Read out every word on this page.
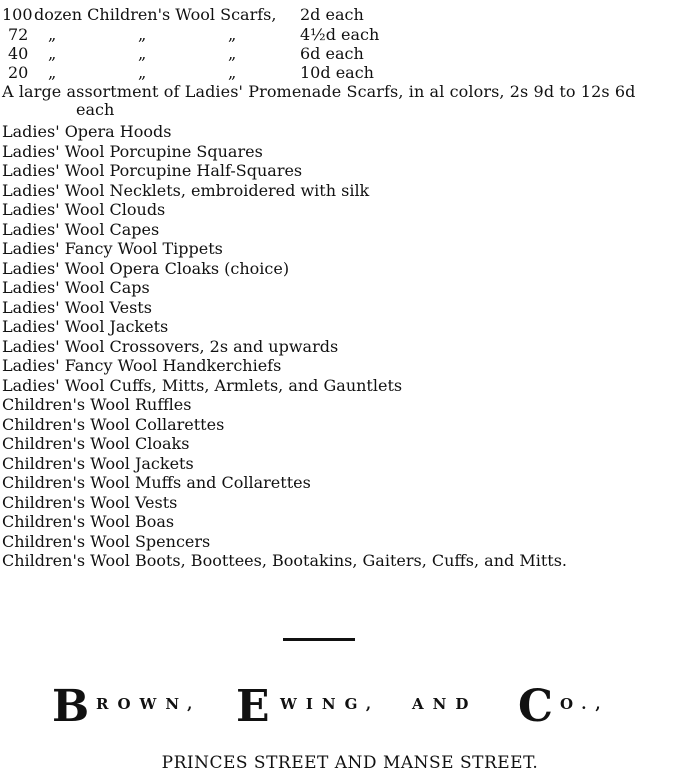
100 dozen Children's Wool Scarfs, 2d each
72 „	„	„	4½d each
40 „	„	„	6d each
20 „	„	„	10d each
A large assortment of Ladies' Promenade Scarfs, in al colors, 2s 9d to 12s 6d
each
Ladies' Opera Hoods
Ladies' Wool Porcupine Squares
Ladies' Wool Porcupine Half-Squares
Ladies' Wool Necklets, embroidered with silk
Ladies' Wool Clouds
Ladies' Wool Capes
Ladies' Fancy Wool Tippets
Ladies' Wool Opera Cloaks (choice)
Ladies' Wool Caps
Ladies' Wool Vests
Ladies' Wool Jackets
Ladies' Wool Crossovers, 2s and upwards
Ladies' Fancy Wool Handkerchiefs
Ladies' Wool Cuffs, Mitts, Armlets, and Gauntlets
Children's Wool Ruffles
Children's Wool Collarettes
Children's Wool Cloaks
Children's Wool Jackets
Children's Wool Muffs and Collarettes
Children's Wool Vests
Children's Wool Boas
Children's Wool Spencers
Children's Wool Boots, Boottees, Bootakins, Gaiters, Cuffs, and Mitts.
B ROWN, E WING, AND C O.,
PRINCES STREET AND MANSE STREET.
